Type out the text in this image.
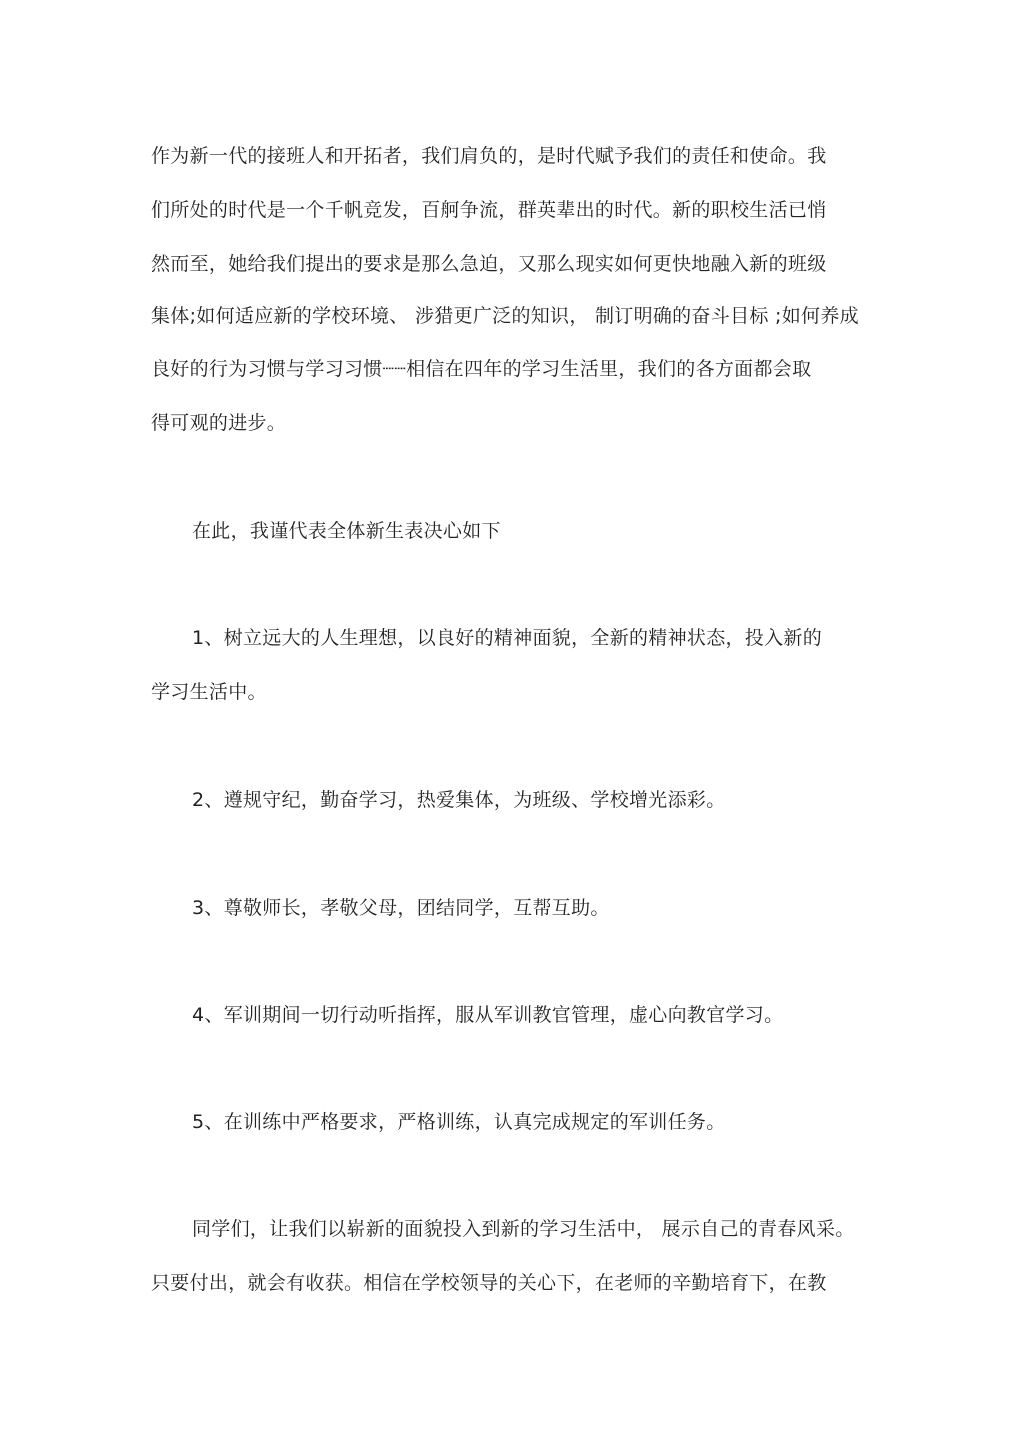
作为新一代的接班人和开拓者，我们肩负的，是时代赋予我们的责任和使命。我
们所处的时代是一个千帆竞发，百舸争流，群英辈出的时代。新的职校生活已悄
然而至，她给我们提出的要求是那么急迫，又那么现实如何更快地融入新的班级
集体;如何适应新的学校环境、 涉猎更广泛的知识， 制订明确的奋斗目标 ;如何养成
良好的行为习惯与学习习惯┈┈相信在四年的学习生活里，我们的各方面都会取
得可观的进步。
在此，我谨代表全体新生表决心如下
1、树立远大的人生理想，以良好的精神面貌，全新的精神状态，投入新的
学习生活中。
2、遵规守纪，勤奋学习，热爱集体，为班级、学校增光添彩。
3、尊敬师长，孝敬父母，团结同学，互帮互助。
4、军训期间一切行动听指挥，服从军训教官管理，虚心向教官学习。
5、在训练中严格要求，严格训练，认真完成规定的军训任务。
同学们，让我们以崭新的面貌投入到新的学习生活中， 展示自己的青春风采。
只要付出，就会有收获。相信在学校领导的关心下，在老师的辛勤培育下，在教
